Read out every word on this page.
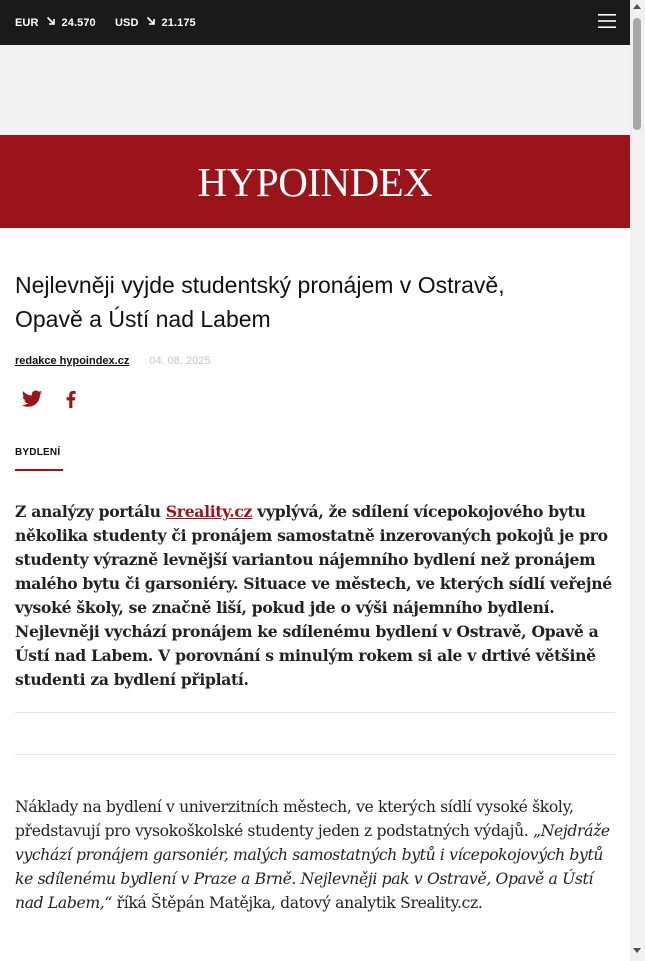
EUR 24.570 USD 21.175
HYPOINDEX
Nejlevněji vyjde studentský pronájem v Ostravě, Opavě a Ústí nad Labem
redakce hypoindex.cz 04. 08. 2025
BYDLENÍ

Z analýzy portálu Sreality.cz vyplývá, že sdílení vícepokojového bytu několika studenty či pronájem samostatně inzerovaných pokojů je pro studenty výrazně levnější variantou nájemního bydlení než pronájem malého bytu či garsoniéry. Situace ve městech, ve kterých sídlí veřejné vysoké školy, se značně liší, pokud jde o výši nájemního bydlení. Nejlevněji vychází pronájem ke sdílenému bydlení v Ostravě, Opavě a Ústí nad Labem. V porovnání s minulým rokem si ale v drtivé většině studenti za bydlení připlatí.

Náklady na bydlení v univerzitních městech, ve kterých sídlí vysoké školy, představují pro vysokoškolské studenty jeden z podstatných výdajů. „Nejdráže vychází pronájem garsoniér, malých samostatných bytů i vícepokojových bytů ke sdílenému bydlení v Praze a Brně. Nejlevněji pak v Ostravě, Opavě a Ústí nad Labem,“ říká Štěpán Matějka, datový analytik Sreality.cz.
